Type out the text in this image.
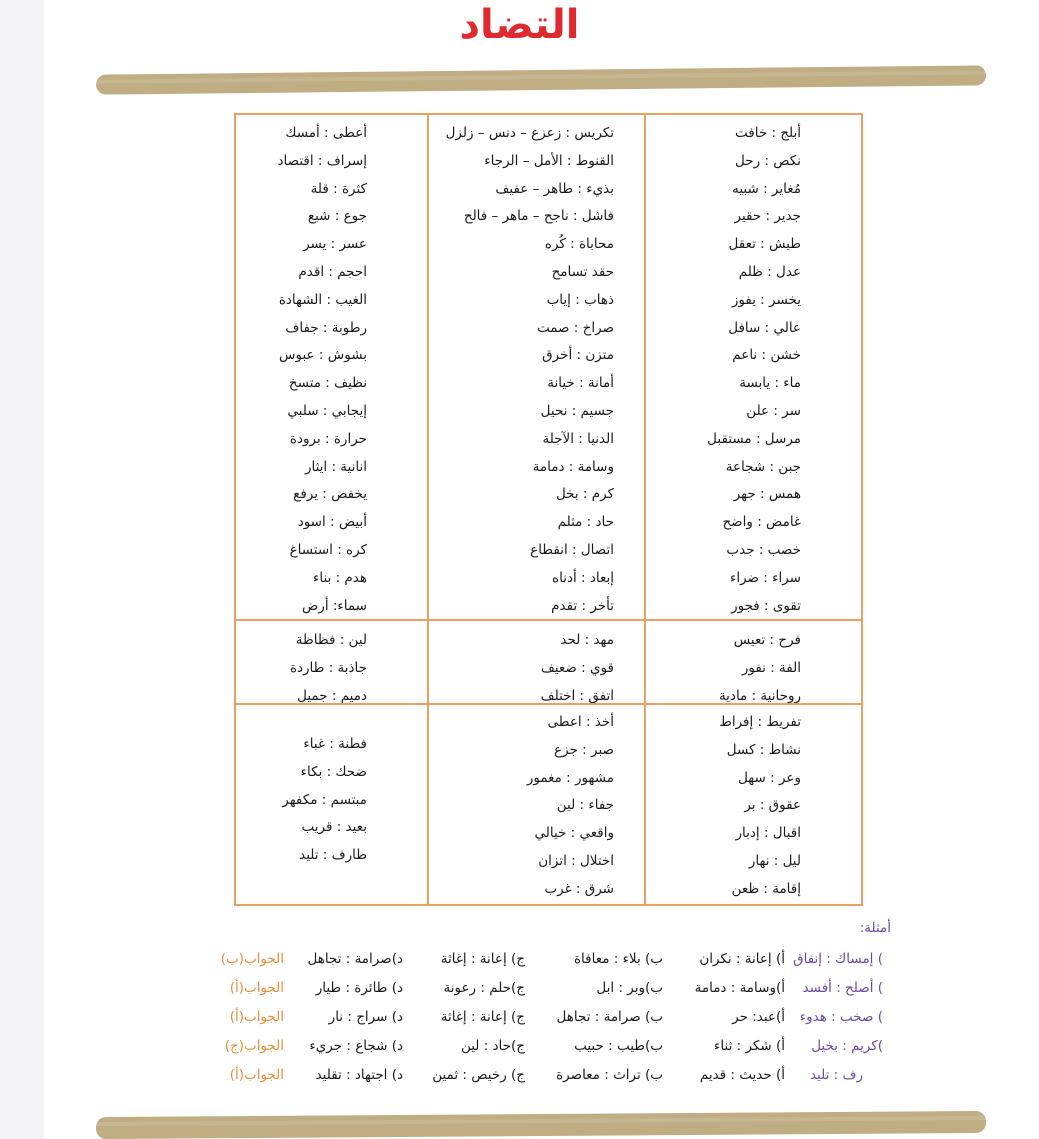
التضاد
أبلج : خافت
نكص : رحل
مُغاير : شبيه
جدير : حقير
طيش : تعقل
عدل : ظلم
يخسر : يفوز
عالي : سافل
خشن : ناعم
ماء : يابسة
سر : علن
مرسل : مستقبل
جبن : شجاعة
همس : جهر
غامض : واضح
خصب : جدب
سراء : ضراء
تقوى : فجور
تكريس : زعزع – دنس – زلزل
القنوط : الأمل – الرجاء
بذيء : طاهر – عفيف
فاشل : ناجح – ماهر – فالح
محاباة : كُره
حقد تسامح
ذهاب : إياب
صراخ : صمت
متزن : أخرق
أمانة : خيانة
جسيم : نحيل
الدنيا : الآجلة
وسامة : دمامة
كرم : بخل
حاد : مثلم
اتصال : انقطاع
إبعاد : أدناه
تأخر : تقدم
أعطى : أمسك
إسراف : اقتصاد
كثرة : قلة
جوع : شبع
عسر : يسر
احجم : اقدم
الغيب : الشهادة
رطوبة : جفاف
بشوش : عبوس
نظيف : متسخ
إيجابي : سلبي
حرارة : برودة
انانية : ايثار
يخفض : يرفع
أبيض : اسود
كره : استساغ
هدم : بناء
سماء: أرض
فرح : تعيس
الفة : نفور
روحانية : مادية
مهد : لحد
قوي : ضعيف
اتفق : اختلف
لين : فظاظة
جاذبة : طاردة
دميم : جميل
تفريط : إفراط
نشاط : كسل
وعر : سهل
عقوق : بر
اقبال : إدبار
ليل : نهار
إقامة : ظعن
أخذ : اعطى
صبر : جزع
مشهور : مغمور
جفاء : لين
واقعي : خيالي
اختلال : اتزان
شرق : غرب
فطنة : غباء
ضحك : بكاء
مبتسم : مكفهر
بعيد : قريب
طارف : تليد
أمثلة:
) إمساك : إنفاق
أ) إعانة : نكران
ب) بلاء : معافاة
ج) إعانة : إغاثة
د)صرامة : تجاهل
الجواب(ب)
) أصلح : أفسد
أ)وسامة : دمامة
ب)وبر : ابل
ج)حلم : رعونة
د) طائرة : طيار
الجواب(أ)
) صخب : هدوء
أ)عبد: حر
ب) صرامة : تجاهل
ج) إعانة : إغاثة
د) سراج : نار
الجواب(أ)
)كريم : بخيل
أ) شكر : ثناء
ب)طيب : حبيب
ج)حاد : لين
د) شجاع : جريء
الجواب(ج)
رف : تليد
أ) حديث : قديم
ب) تراث : معاصرة
ج) رخيص : ثمين
د) اجتهاد : تقليد
الجواب(أ)
